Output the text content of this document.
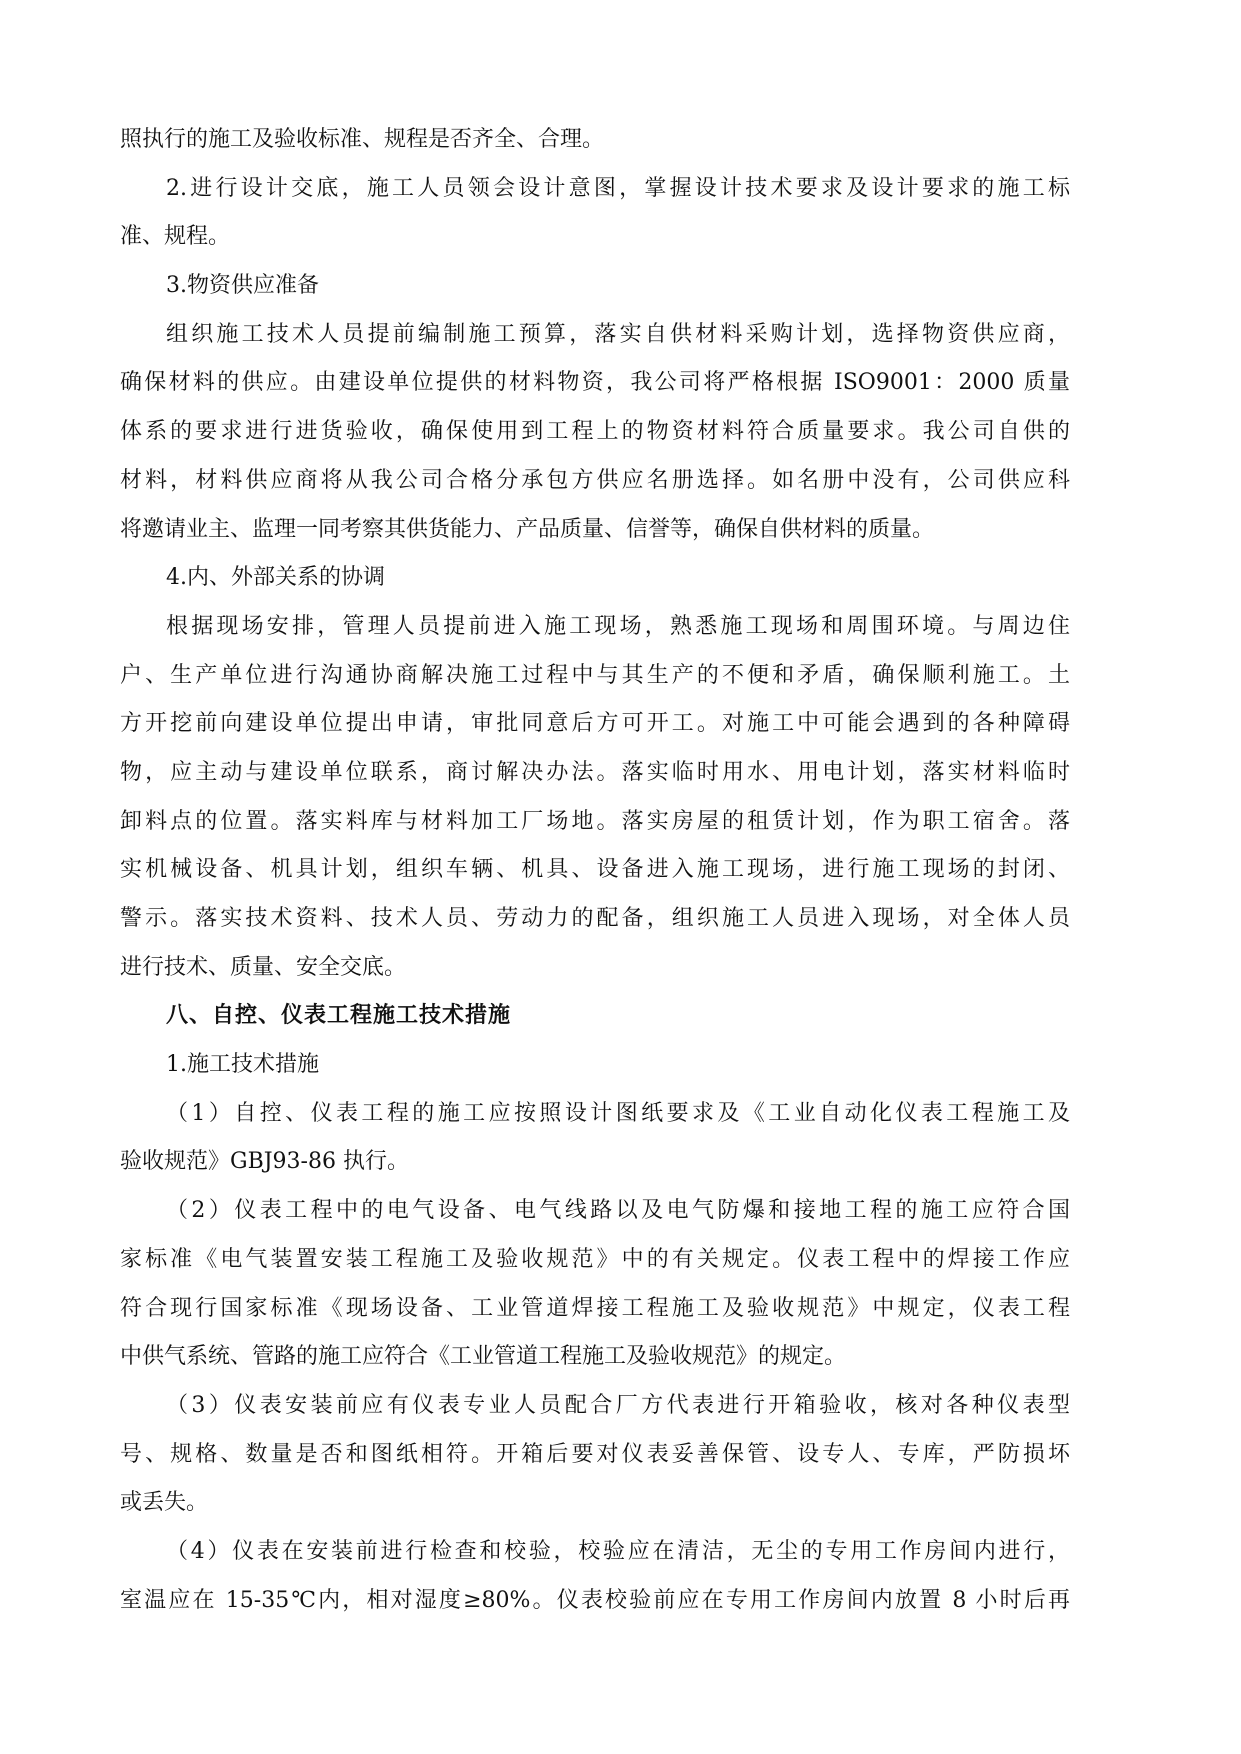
照执行的施工及验收标准、规程是否齐全、合理。
2.进行设计交底，施工人员领会设计意图，掌握设计技术要求及设计要求的施工标
准、规程。
3.物资供应准备
组织施工技术人员提前编制施工预算，落实自供材料采购计划，选择物资供应商，
确保材料的供应。由建设单位提供的材料物资，我公司将严格根据 ISO9001：2000 质量
体系的要求进行进货验收，确保使用到工程上的物资材料符合质量要求。我公司自供的
材料，材料供应商将从我公司合格分承包方供应名册选择。如名册中没有，公司供应科
将邀请业主、监理一同考察其供货能力、产品质量、信誉等，确保自供材料的质量。
4.内、外部关系的协调
根据现场安排，管理人员提前进入施工现场，熟悉施工现场和周围环境。与周边住
户、生产单位进行沟通协商解决施工过程中与其生产的不便和矛盾，确保顺利施工。土
方开挖前向建设单位提出申请，审批同意后方可开工。对施工中可能会遇到的各种障碍
物，应主动与建设单位联系，商讨解决办法。落实临时用水、用电计划，落实材料临时
卸料点的位置。落实料库与材料加工厂场地。落实房屋的租赁计划，作为职工宿舍。落
实机械设备、机具计划，组织车辆、机具、设备进入施工现场，进行施工现场的封闭、
警示。落实技术资料、技术人员、劳动力的配备，组织施工人员进入现场，对全体人员
进行技术、质量、安全交底。
八、自控、仪表工程施工技术措施
1.施工技术措施
（1）自控、仪表工程的施工应按照设计图纸要求及《工业自动化仪表工程施工及
验收规范》GBJ93-86 执行。
（2）仪表工程中的电气设备、电气线路以及电气防爆和接地工程的施工应符合国
家标准《电气装置安装工程施工及验收规范》中的有关规定。仪表工程中的焊接工作应
符合现行国家标准《现场设备、工业管道焊接工程施工及验收规范》中规定，仪表工程
中供气系统、管路的施工应符合《工业管道工程施工及验收规范》的规定。
（3）仪表安装前应有仪表专业人员配合厂方代表进行开箱验收，核对各种仪表型
号、规格、数量是否和图纸相符。开箱后要对仪表妥善保管、设专人、专库，严防损坏
或丢失。
（4）仪表在安装前进行检查和校验，校验应在清洁，无尘的专用工作房间内进行，
室温应在 15-35℃内，相对湿度≥80%。仪表校验前应在专用工作房间内放置 8 小时后再
